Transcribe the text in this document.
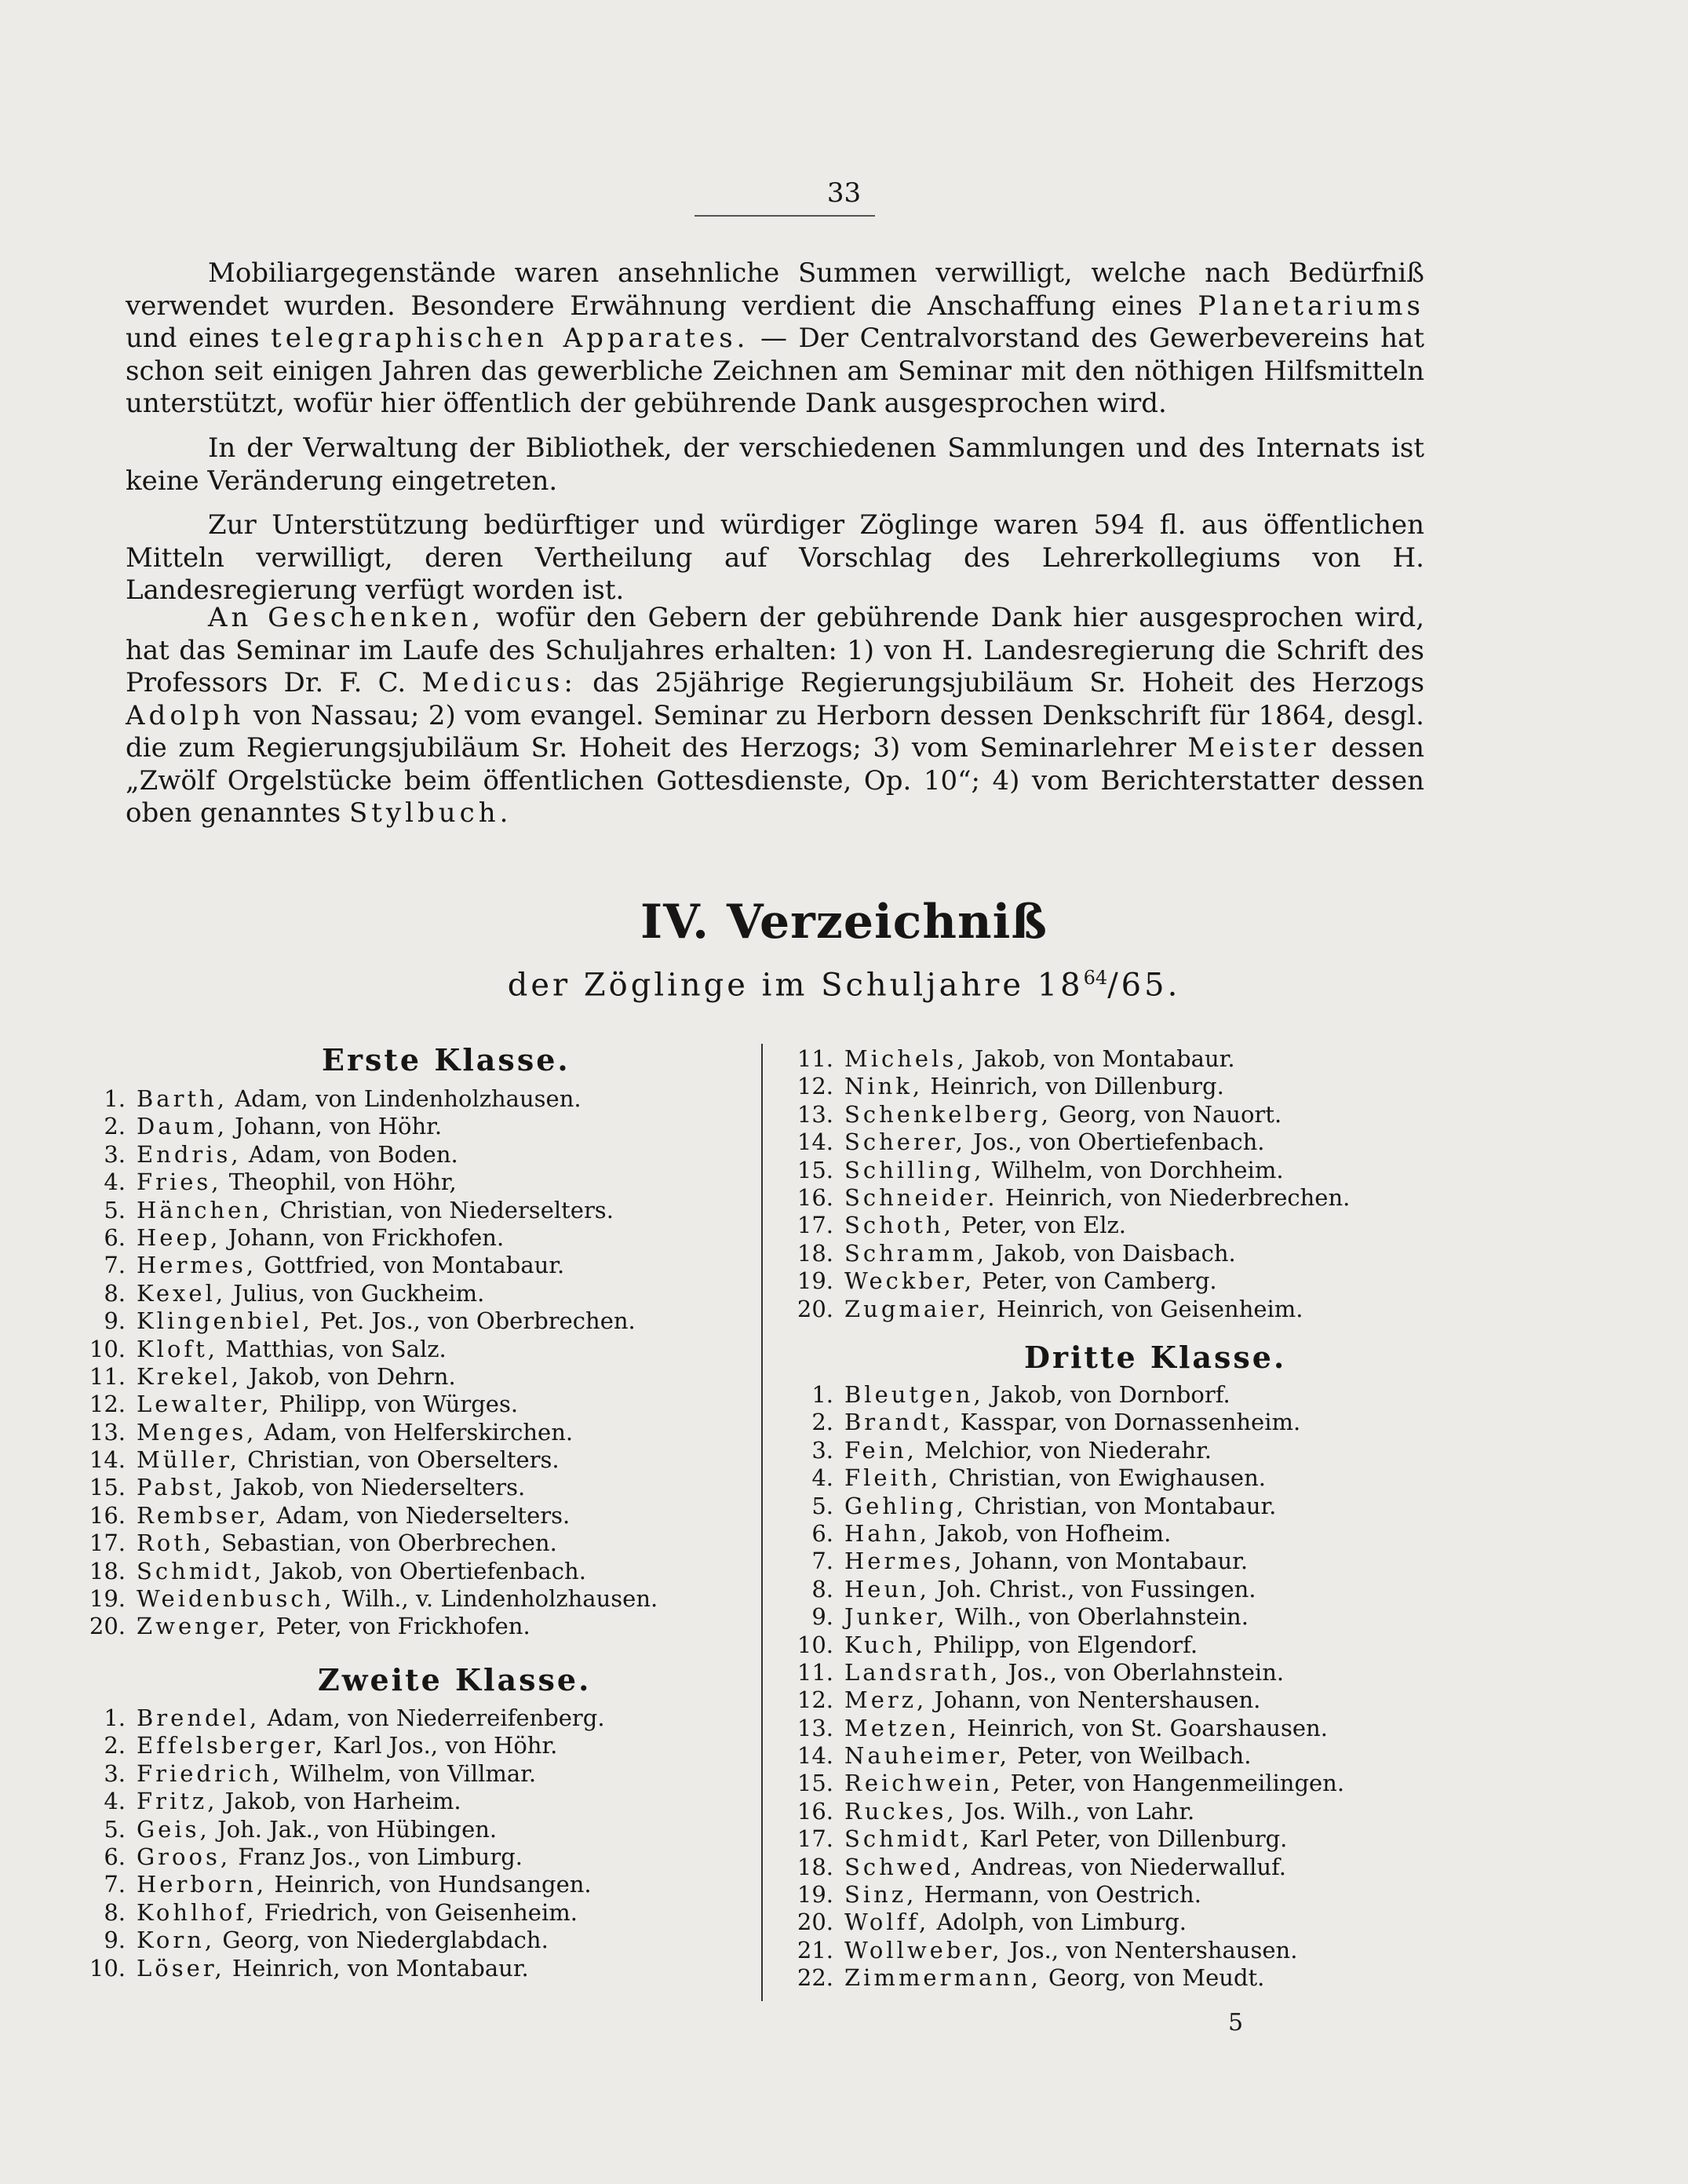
33

Mobiliargegenstände waren ansehnliche Summen verwilligt, welche nach Bedürfniß verwendet wurden. Besondere Erwähnung verdient die Anschaffung eines Planetariums und eines telegraphischen Apparates. — Der Centralvorstand des Gewerbevereins hat schon seit einigen Jahren das gewerbliche Zeichnen am Seminar mit den nöthigen Hilfsmitteln unterstützt, wofür hier öffentlich der gebührende Dank ausgesprochen wird.

In der Verwaltung der Bibliothek, der verschiedenen Sammlungen und des Internats ist keine Veränderung eingetreten.

Zur Unterstützung bedürftiger und würdiger Zöglinge waren 594 fl. aus öffentlichen Mitteln verwilligt, deren Vertheilung auf Vorschlag des Lehrerkollegiums von H. Landesregierung verfügt worden ist.

An Geschenken, wofür den Gebern der gebührende Dank hier ausgesprochen wird, hat das Seminar im Laufe des Schuljahres erhalten: 1) von H. Landesregierung die Schrift des Professors Dr. F. C. Medicus: das 25jährige Regierungsjubiläum Sr. Hoheit des Herzogs Adolph von Nassau; 2) vom evangel. Seminar zu Herborn dessen Denkschrift für 1864, desgl. die zum Regierungsjubiläum Sr. Hoheit des Herzogs; 3) vom Seminarlehrer Meister dessen „Zwölf Orgelstücke beim öffentlichen Gottesdienste, Op. 10“; 4) vom Berichterstatter dessen oben genanntes Stylbuch.

IV. Verzeichniß
der Zöglinge im Schuljahre $18^{64}/65$.
Erste Klasse.
1. Barth, Adam, von Lindenholzhausen.
2. Daum, Johann, von Höhr.
3. Endris, Adam, von Boden.
4. Fries, Theophil, von Höhr,
5. Hänchen, Christian, von Niederselters.
6. Heep, Johann, von Frickhofen.
7. Hermes, Gottfried, von Montabaur.
8. Kexel, Julius, von Guckheim.
9. Klingenbiel, Pet. Jos., von Oberbrechen.
10. Kloft, Matthias, von Salz.
11. Krekel, Jakob, von Dehrn.
12. Lewalter, Philipp, von Würges.
13. Menges, Adam, von Helferskirchen.
14. Müller, Christian, von Oberselters.
15. Pabst, Jakob, von Niederselters.
16. Rembser, Adam, von Niederselters.
17. Roth, Sebastian, von Oberbrechen.
18. Schmidt, Jakob, von Obertiefenbach.
19. Weidenbusch, Wilh., v. Lindenholzhausen.
20. Zwenger, Peter, von Frickhofen.
Zweite Klasse.
1. Brendel, Adam, von Niederreifenberg.
2. Effelsberger, Karl Jos., von Höhr.
3. Friedrich, Wilhelm, von Villmar.
4. Fritz, Jakob, von Harheim.
5. Geis, Joh. Jak., von Hübingen.
6. Groos, Franz Jos., von Limburg.
7. Herborn, Heinrich, von Hundsangen.
8. Kohlhof, Friedrich, von Geisenheim.
9. Korn, Georg, von Niederglabdach.
10. Löser, Heinrich, von Montabaur.
11. Michels, Jakob, von Montabaur.
12. Nink, Heinrich, von Dillenburg.
13. Schenkelberg, Georg, von Nauort.
14. Scherer, Jos., von Obertiefenbach.
15. Schilling, Wilhelm, von Dorchheim.
16. Schneider. Heinrich, von Niederbrechen.
17. Schoth, Peter, von Elz.
18. Schramm, Jakob, von Daisbach.
19. Weckber, Peter, von Camberg.
20. Zugmaier, Heinrich, von Geisenheim.
Dritte Klasse.
1. Bleutgen, Jakob, von Dornborf.
2. Brandt, Kasspar, von Dornassenheim.
3. Fein, Melchior, von Niederahr.
4. Fleith, Christian, von Ewighausen.
5. Gehling, Christian, von Montabaur.
6. Hahn, Jakob, von Hofheim.
7. Hermes, Johann, von Montabaur.
8. Heun, Joh. Christ., von Fussingen.
9. Junker, Wilh., von Oberlahnstein.
10. Kuch, Philipp, von Elgendorf.
11. Landsrath, Jos., von Oberlahnstein.
12. Merz, Johann, von Nentershausen.
13. Metzen, Heinrich, von St. Goarshausen.
14. Nauheimer, Peter, von Weilbach.
15. Reichwein, Peter, von Hangenmeilingen.
16. Ruckes, Jos. Wilh., von Lahr.
17. Schmidt, Karl Peter, von Dillenburg.
18. Schwed, Andreas, von Niederwalluf.
19. Sinz, Hermann, von Oestrich.
20. Wolff, Adolph, von Limburg.
21. Wollweber, Jos., von Nentershausen.
22. Zimmermann, Georg, von Meudt.
5
